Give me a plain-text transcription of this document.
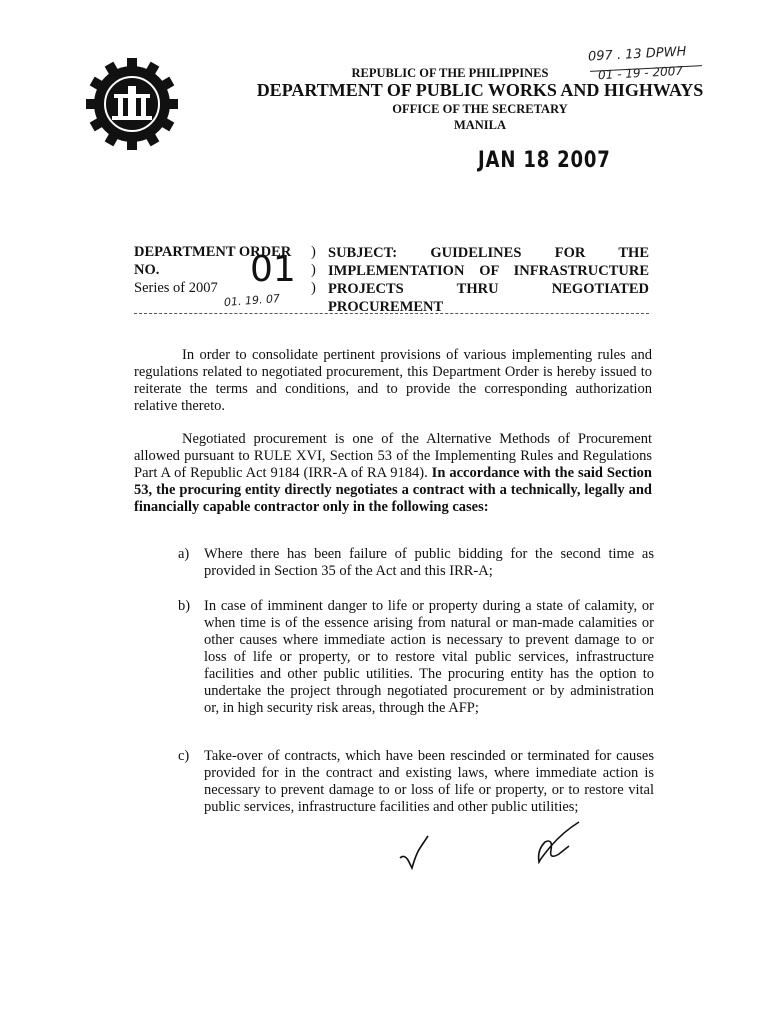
097 . 13 DPWH
01 - 19 - 2007
REPUBLIC OF THE PHILIPPINES
DEPARTMENT OF PUBLIC WORKS AND HIGHWAYS
OFFICE OF THE SECRETARY
MANILA
JAN 18 2007
DEPARTMENT ORDER
NO.
Series of 2007
)
)
)
01
01. 19. 07
SUBJECT: GUIDELINES FOR THE
IMPLEMENTATION OF INFRASTRUCTURE
PROJECTS THRU NEGOTIATED
PROCUREMENT
In order to consolidate pertinent provisions of various implementing rules and regulations related to negotiated procurement, this Department Order is hereby issued to reiterate the terms and conditions, and to provide the corresponding authorization relative thereto.
Negotiated procurement is one of the Alternative Methods of Procurement allowed pursuant to RULE XVI, Section 53 of the Implementing Rules and Regulations Part A of Republic Act 9184 (IRR-A of RA 9184). In accordance with the said Section 53, the procuring entity directly negotiates a contract with a technically, legally and financially capable contractor only in the following cases:
a)	Where there has been failure of public bidding for the second time as provided in Section 35 of the Act and this IRR-A;
b) In case of imminent danger to life or property during a state of calamity, or when time is of the essence arising from natural or man-made calamities or other causes where immediate action is necessary to prevent damage to or loss of life or property, or to restore vital public services, infrastructure facilities and other public utilities. The procuring entity has the option to undertake the project through negotiated procurement or by administration or, in high security risk areas, through the AFP;
c)	Take-over of contracts, which have been rescinded or terminated for causes provided for in the contract and existing laws, where immediate action is necessary to prevent damage to or loss of life or property, or to restore vital public services, infrastructure facilities and other public utilities;
